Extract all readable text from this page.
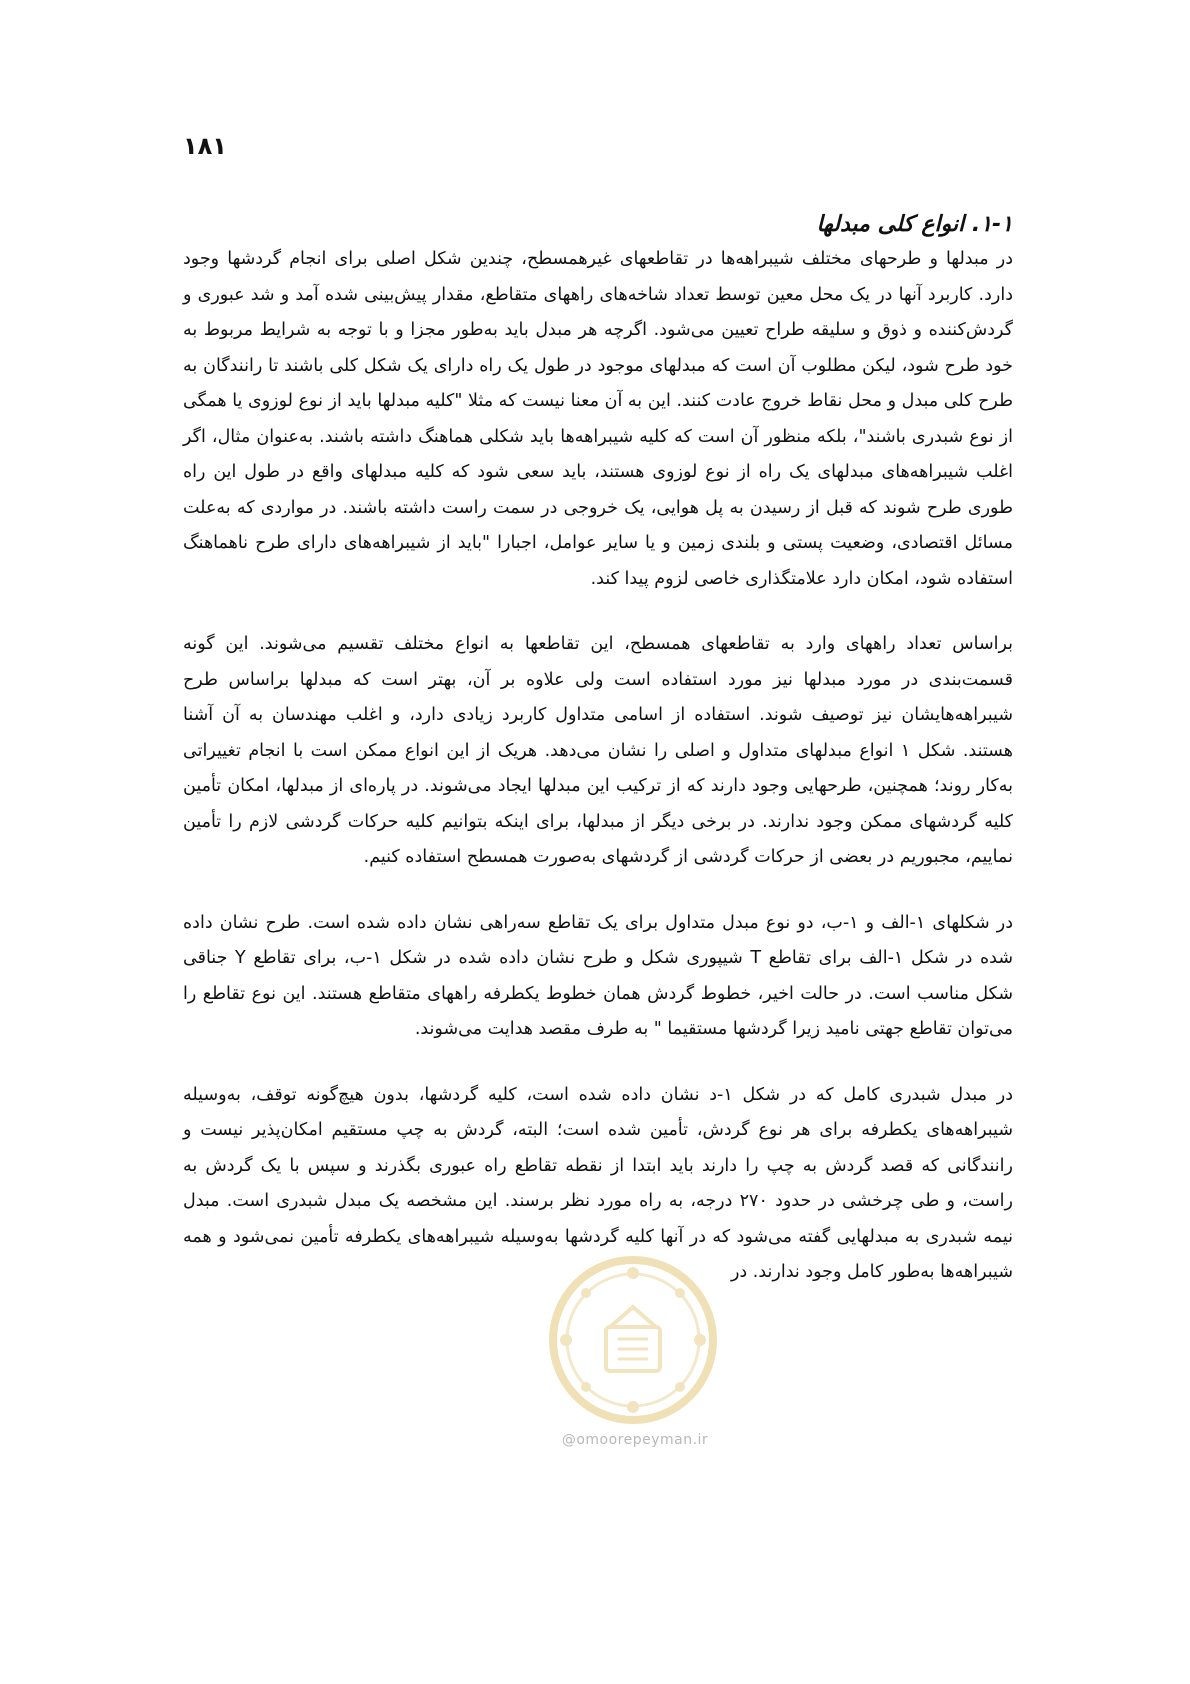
۱۸۱
۱-۱. انواع کلی مبدلها

در مبدلها و طرحهای مختلف شیبراهه‌ها در تقاطعهای غیرهمسطح، چندین شکل اصلی برای انجام گردشها وجود دارد. کاربرد آنها در یک محل معین توسط تعداد شاخه‌های راههای متقاطع، مقدار پیش‌بینی شده آمد و شد عبوری و گردش‌کننده و ذوق و سلیقه طراح تعیین می‌شود. اگرچه هر مبدل باید به‌طور مجزا و با توجه به شرایط مربوط به خود طرح شود، لیکن مطلوب آن است که مبدلهای موجود در طول یک راه دارای یک شکل کلی باشند تا رانندگان به طرح کلی مبدل و محل نقاط خروج عادت کنند. این به آن معنا نیست که مثلا "کلیه مبدلها باید از نوع لوزوی یا همگی از نوع شبدری باشند"، بلکه منظور آن است که کلیه شیبراهه‌ها باید شکلی هماهنگ داشته باشند. به‌عنوان مثال، اگر اغلب شیبراهه‌های مبدلهای یک راه از نوع لوزوی هستند، باید سعی شود که کلیه مبدلهای واقع در طول این راه طوری طرح شوند که قبل از رسیدن به پل هوایی، یک خروجی در سمت راست داشته باشند. در مواردی که به‌علت مسائل اقتصادی، وضعیت پستی و بلندی زمین و یا سایر عوامل، اجبارا "باید از شیبراهه‌های دارای طرح ناهماهنگ استفاده شود، امکان دارد علامتگذاری خاصی لزوم پیدا کند.

براساس تعداد راههای وارد به تقاطعهای همسطح، این تقاطعها به انواع مختلف تقسیم می‌شوند. این گونه قسمت‌بندی در مورد مبدلها نیز مورد استفاده است ولی علاوه بر آن، بهتر است که مبدلها براساس طرح شیبراهه‌هایشان نیز توصیف شوند. استفاده از اسامی متداول کاربرد زیادی دارد، و اغلب مهندسان به آن آشنا هستند. شکل ۱ انواع مبدلهای متداول و اصلی را نشان می‌دهد. هریک از این انواع ممکن است با انجام تغییراتی به‌کار روند؛ همچنین، طرحهایی وجود دارند که از ترکیب این مبدلها ایجاد می‌شوند. در پاره‌ای از مبدلها، امکان تأمین کلیه گردشهای ممکن وجود ندارند. در برخی دیگر از مبدلها، برای اینکه بتوانیم کلیه حرکات گردشی لازم را تأمین نماییم، مجبوریم در بعضی از حرکات گردشی از گردشهای به‌صورت همسطح استفاده کنیم.

در شکلهای ۱-الف و ۱-ب، دو نوع مبدل متداول برای یک تقاطع سه‌راهی نشان داده شده است. طرح نشان داده شده در شکل ۱-الف برای تقاطع T شیپوری شکل و طرح نشان داده شده در شکل ۱-ب، برای تقاطع Y جناقی شکل مناسب است. در حالت اخیر، خطوط گردش همان خطوط یکطرفه راههای متقاطع هستند. این نوع تقاطع را می‌توان تقاطع جهتی نامید زیرا گردشها مستقیما " به طرف مقصد هدایت می‌شوند.

در مبدل شبدری کامل که در شکل ۱-د نشان داده شده است، کلیه گردشها، بدون هیچ‌گونه توقف، به‌وسیله شیبراهه‌های یکطرفه برای هر نوع گردش، تأمین شده است؛ البته، گردش به چپ مستقیم امکان‌پذیر نیست و رانندگانی که قصد گردش به چپ را دارند باید ابتدا از نقطه تقاطع راه عبوری بگذرند و سپس با یک گردش به راست، و طی چرخشی در حدود ۲۷۰ درجه، به راه مورد نظر برسند. این مشخصه یک مبدل شبدری است. مبدل نیمه شبدری به مبدلهایی گفته می‌شود که در آنها کلیه گردشها به‌وسیله شیبراهه‌های یکطرفه تأمین نمی‌شود و همه شیبراهه‌ها به‌طور کامل وجود ندارند. در

@omoorepeyman.ir
